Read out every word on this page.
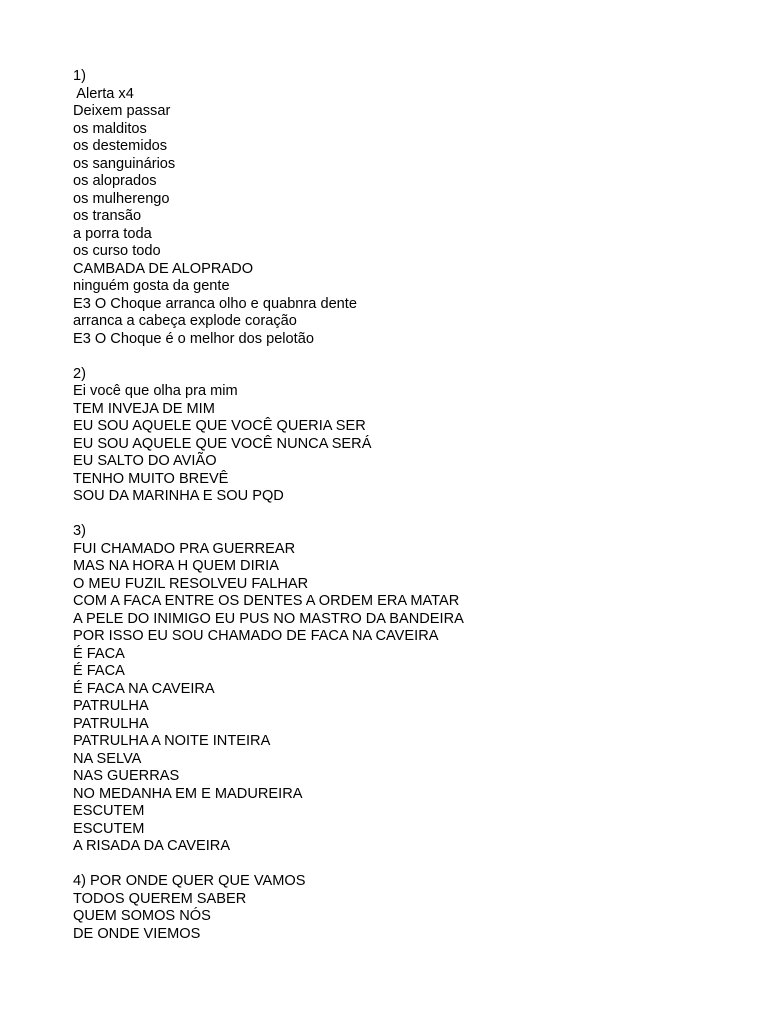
1)
Alerta x4
Deixem passar
os malditos
os destemidos
os sanguinários
os aloprados
os mulherengo
os transão
a porra toda
os curso todo
CAMBADA DE ALOPRADO
ninguém gosta da gente
E3 O Choque arranca olho e quabnra dente
arranca a cabeça explode coração
E3 O Choque é o melhor dos pelotão
2)
Ei você que olha pra mim
TEM INVEJA DE MIM
EU SOU AQUELE QUE VOCÊ QUERIA SER
EU SOU AQUELE QUE VOCÊ NUNCA SERÁ
EU SALTO DO AVIÃO
TENHO MUITO BREVÊ
SOU DA MARINHA E SOU PQD
3)
FUI CHAMADO PRA GUERREAR
MAS NA HORA H QUEM DIRIA
O MEU FUZIL RESOLVEU FALHAR
COM A FACA ENTRE OS DENTES A ORDEM ERA MATAR
A PELE DO INIMIGO EU PUS NO MASTRO DA BANDEIRA
POR ISSO EU SOU CHAMADO DE FACA NA CAVEIRA
É FACA
É FACA
É FACA NA CAVEIRA
PATRULHA
PATRULHA
PATRULHA A NOITE INTEIRA
NA SELVA
NAS GUERRAS
NO MEDANHA EM E MADUREIRA
ESCUTEM
ESCUTEM
A RISADA DA CAVEIRA
4) POR ONDE QUER QUE VAMOS
TODOS QUEREM SABER
QUEM SOMOS NÓS
DE ONDE VIEMOS
